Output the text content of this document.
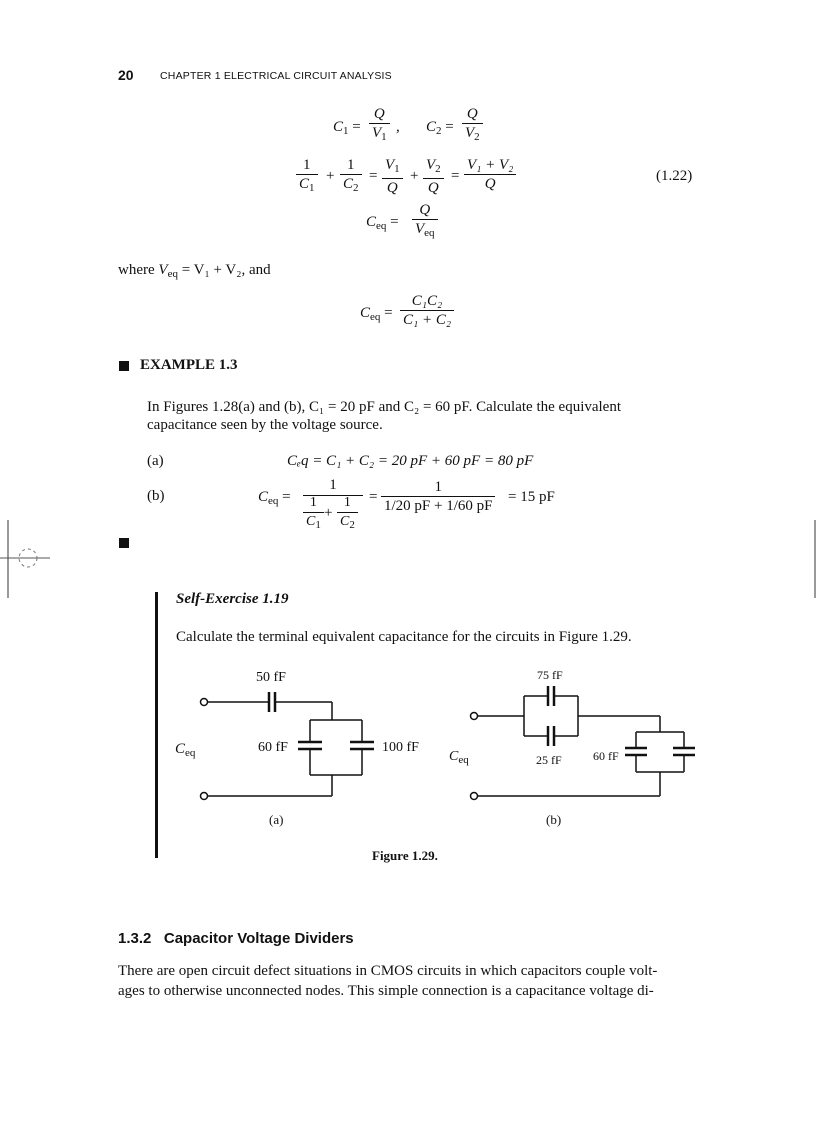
20	CHAPTER 1 ELECTRICAL CIRCUIT ANALYSIS
$C_1 = \frac{Q}{V_1}$ , $C_2 = \frac{Q}{V_2}$
$\frac{1}{C_1} + \frac{1}{C_2} = \frac{V_1}{Q} + \frac{V_2}{Q} = \frac{\text{V₁ + V₂}}{Q}$	(1.22)
$C_{eq}$ =
Q
$V_{eq}$
where $V_{eq} = V_1 + V_2$, and
$C_{eq} = \frac{\text{C₁C₂}}{\text{C₁ + C₂}}$
EXAMPLE 1.3
In Figures 1.28(a) and (b), C₁ = 20 pF and C₂ = 60 pF. Calculate the equivalent
capacitance seen by the voltage source.
(a)	Cₑq = C₁ + C₂ = 20 pF + 60 pF = 80 pF
(b)	$C_{eq}$ =
1
$\frac{1}{C_1} + \frac{1}{C_2} = \frac{1}{1/20 pF + 1/60 pF} = 15$ pF
Self-Exercise 1.19
Calculate the terminal equivalent capacitance for the circuits in Figure 1.29.
50 fF
$C_{eq}$	60 fF	100 fF
(a)
75 fF
$C_{eq}$	25 fF	60 fF
(b)
Figure 1.29.
1.3.2   Capacitor Voltage Dividers
There are open circuit defect situations in CMOS circuits in which capacitors couple volt-
ages to otherwise unconnected nodes. This simple connection is a capacitance voltage di-
